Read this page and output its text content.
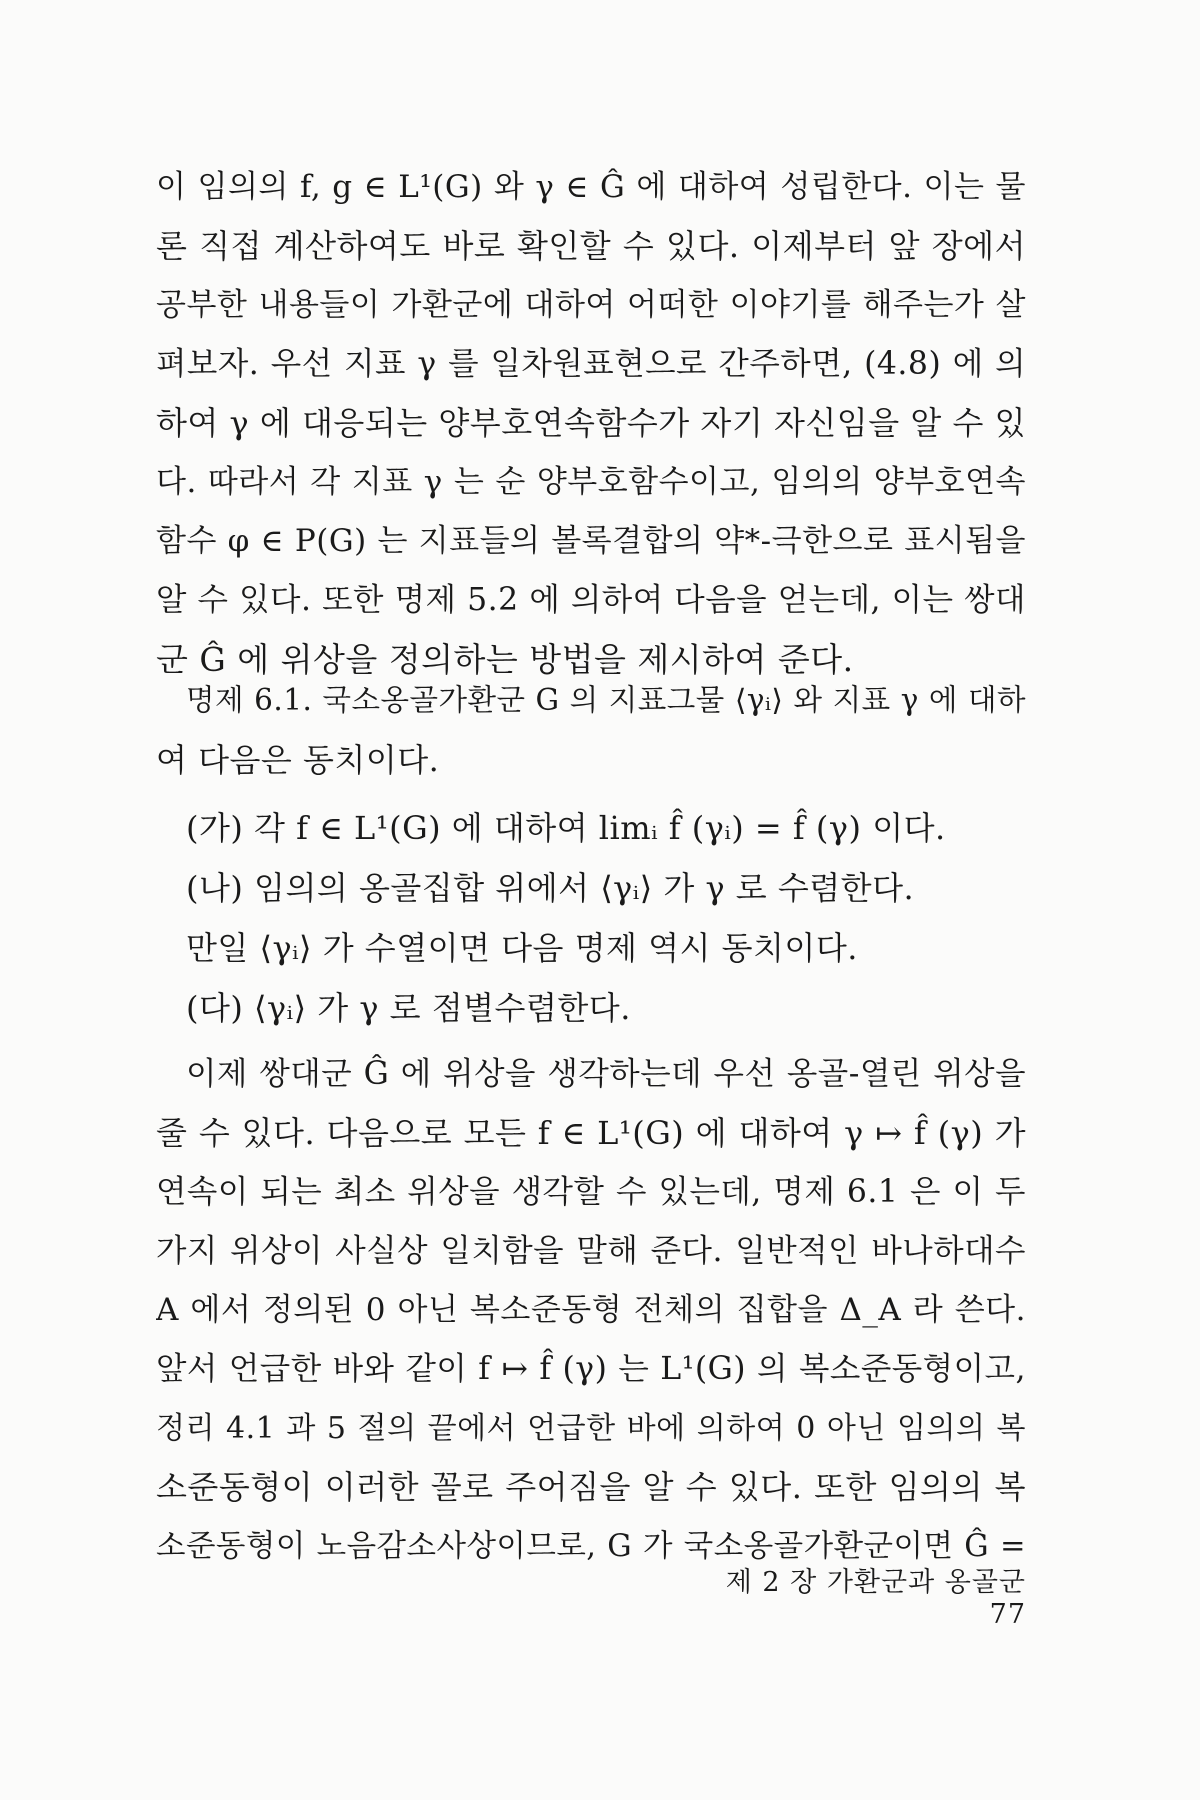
이 임의의 f, g ∈ L¹(G) 와 γ ∈ Ĝ 에 대하여 성립한다. 이는 물
론 직접 계산하여도 바로 확인할 수 있다. 이제부터 앞 장에서
공부한 내용들이 가환군에 대하여 어떠한 이야기를 해주는가 살
펴보자. 우선 지표 γ 를 일차원표현으로 간주하면, (4.8) 에 의
하여 γ 에 대응되는 양부호연속함수가 자기 자신임을 알 수 있
다. 따라서 각 지표 γ 는 순 양부호함수이고, 임의의 양부호연속
함수 φ ∈ P(G) 는 지표들의 볼록결합의 약*-극한으로 표시됨을
알 수 있다. 또한 명제 5.2 에 의하여 다음을 얻는데, 이는 쌍대
군 Ĝ 에 위상을 정의하는 방법을 제시하여 준다.
명제 6.1. 국소옹골가환군 G 의 지표그물 ⟨γᵢ⟩ 와 지표 γ 에 대하
여 다음은 동치이다.
(가) 각 f ∈ L¹(G) 에 대하여 limᵢ f̂ (γᵢ) = f̂ (γ) 이다.
(나) 임의의 옹골집합 위에서 ⟨γᵢ⟩ 가 γ 로 수렴한다.
만일 ⟨γᵢ⟩ 가 수열이면 다음 명제 역시 동치이다.
(다) ⟨γᵢ⟩ 가 γ 로 점별수렴한다.
이제 쌍대군 Ĝ 에 위상을 생각하는데 우선 옹골-열린 위상을
줄 수 있다. 다음으로 모든 f ∈ L¹(G) 에 대하여 γ ↦ f̂ (γ) 가
연속이 되는 최소 위상을 생각할 수 있는데, 명제 6.1 은 이 두
가지 위상이 사실상 일치함을 말해 준다. 일반적인 바나하대수
A 에서 정의된 0 아닌 복소준동형 전체의 집합을 Δ_A 라 쓴다.
앞서 언급한 바와 같이 f ↦ f̂ (γ) 는 L¹(G) 의 복소준동형이고,
정리 4.1 과 5 절의 끝에서 언급한 바에 의하여 0 아닌 임의의 복
소준동형이 이러한 꼴로 주어짐을 알 수 있다. 또한 임의의 복
소준동형이 노음감소사상이므로, G 가 국소옹골가환군이면 Ĝ =
제 2 장 가환군과 옹골군  77
